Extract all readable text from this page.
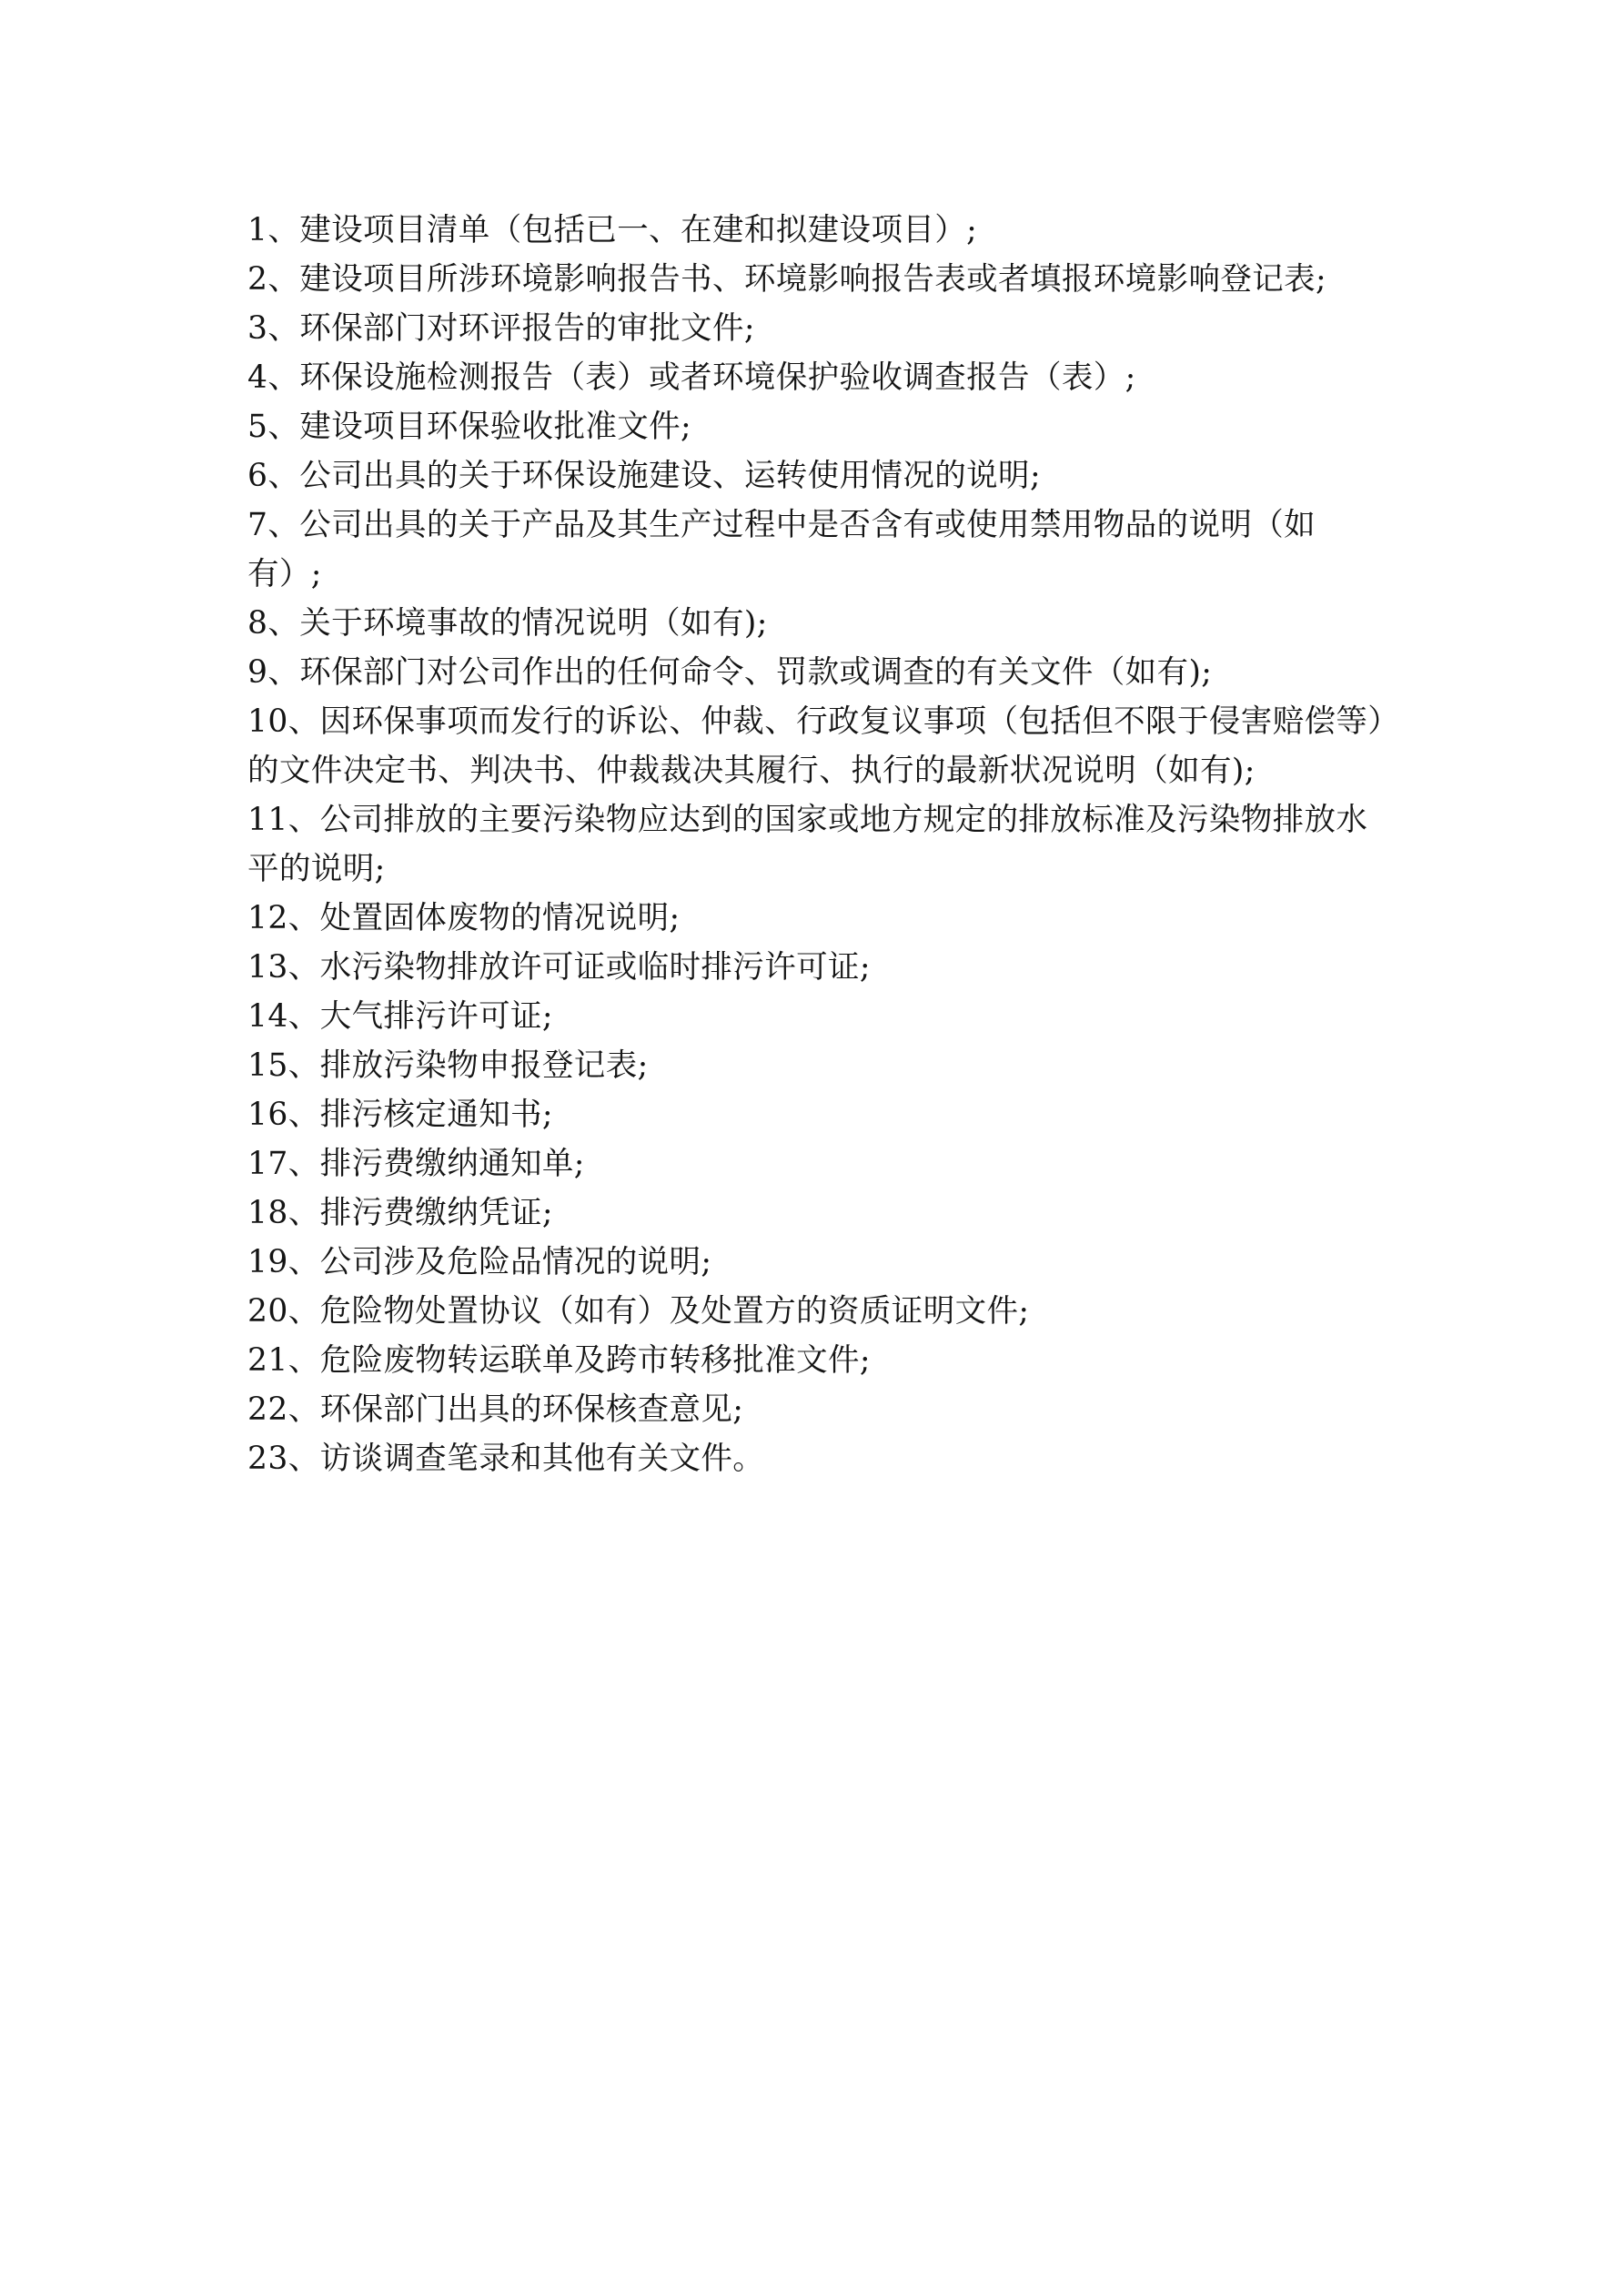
1、建设项目清单（包括已一、在建和拟建设项目）;
2、建设项目所涉环境影响报告书、环境影响报告表或者填报环境影响登记表;
3、环保部门对环评报告的审批文件;
4、环保设施检测报告（表）或者环境保护验收调查报告（表）;
5、建设项目环保验收批准文件;
6、公司出具的关于环保设施建设、运转使用情况的说明;
7、公司出具的关于产品及其生产过程中是否含有或使用禁用物品的说明（如有）;
8、关于环境事故的情况说明（如有);
9、环保部门对公司作出的任何命令、罚款或调查的有关文件（如有);
10、因环保事项而发行的诉讼、仲裁、行政复议事项（包括但不限于侵害赔偿等）的文件决定书、判决书、仲裁裁决其履行、执行的最新状况说明（如有);
11、公司排放的主要污染物应达到的国家或地方规定的排放标准及污染物排放水平的说明;
12、处置固体废物的情况说明;
13、水污染物排放许可证或临时排污许可证;
14、大气排污许可证;
15、排放污染物申报登记表;
16、排污核定通知书;
17、排污费缴纳通知单;
18、排污费缴纳凭证;
19、公司涉及危险品情况的说明;
20、危险物处置协议（如有）及处置方的资质证明文件;
21、危险废物转运联单及跨市转移批准文件;
22、环保部门出具的环保核查意见;
23、访谈调查笔录和其他有关文件。
